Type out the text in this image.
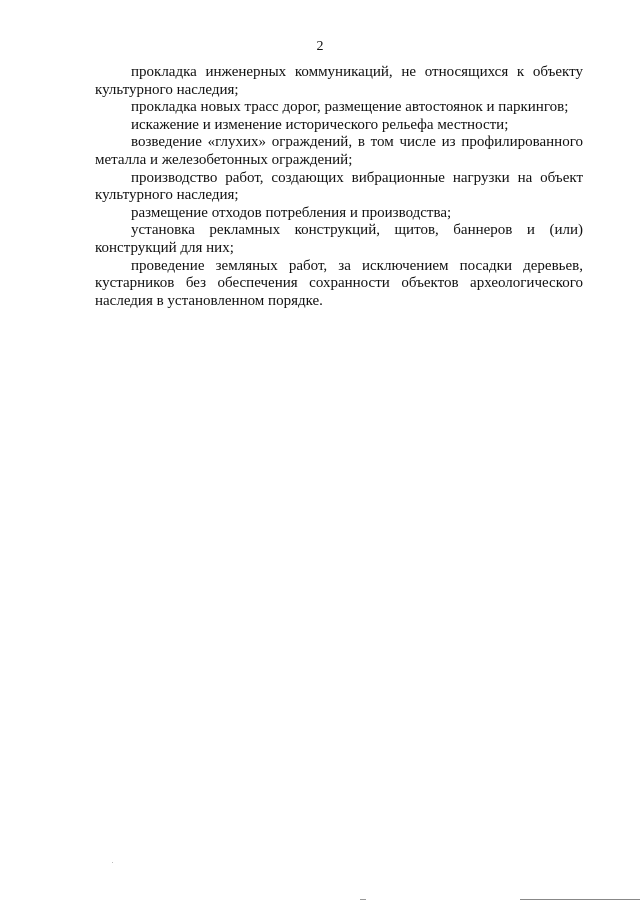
2

прокладка инженерных коммуникаций, не относящихся к объекту культурного наследия;

прокладка новых трасс дорог, размещение автостоянок и паркингов;

искажение и изменение исторического рельефа местности;

возведение «глухих» ограждений, в том числе из профилированного металла и железобетонных ограждений;

производство работ, создающих вибрационные нагрузки на объект культурного наследия;

размещение отходов потребления и производства;

установка рекламных конструкций, щитов, баннеров и (или) конструкций для них;

проведение земляных работ, за исключением посадки деревьев, кустарников без обеспечения сохранности объектов археологического наследия в установленном порядке.
